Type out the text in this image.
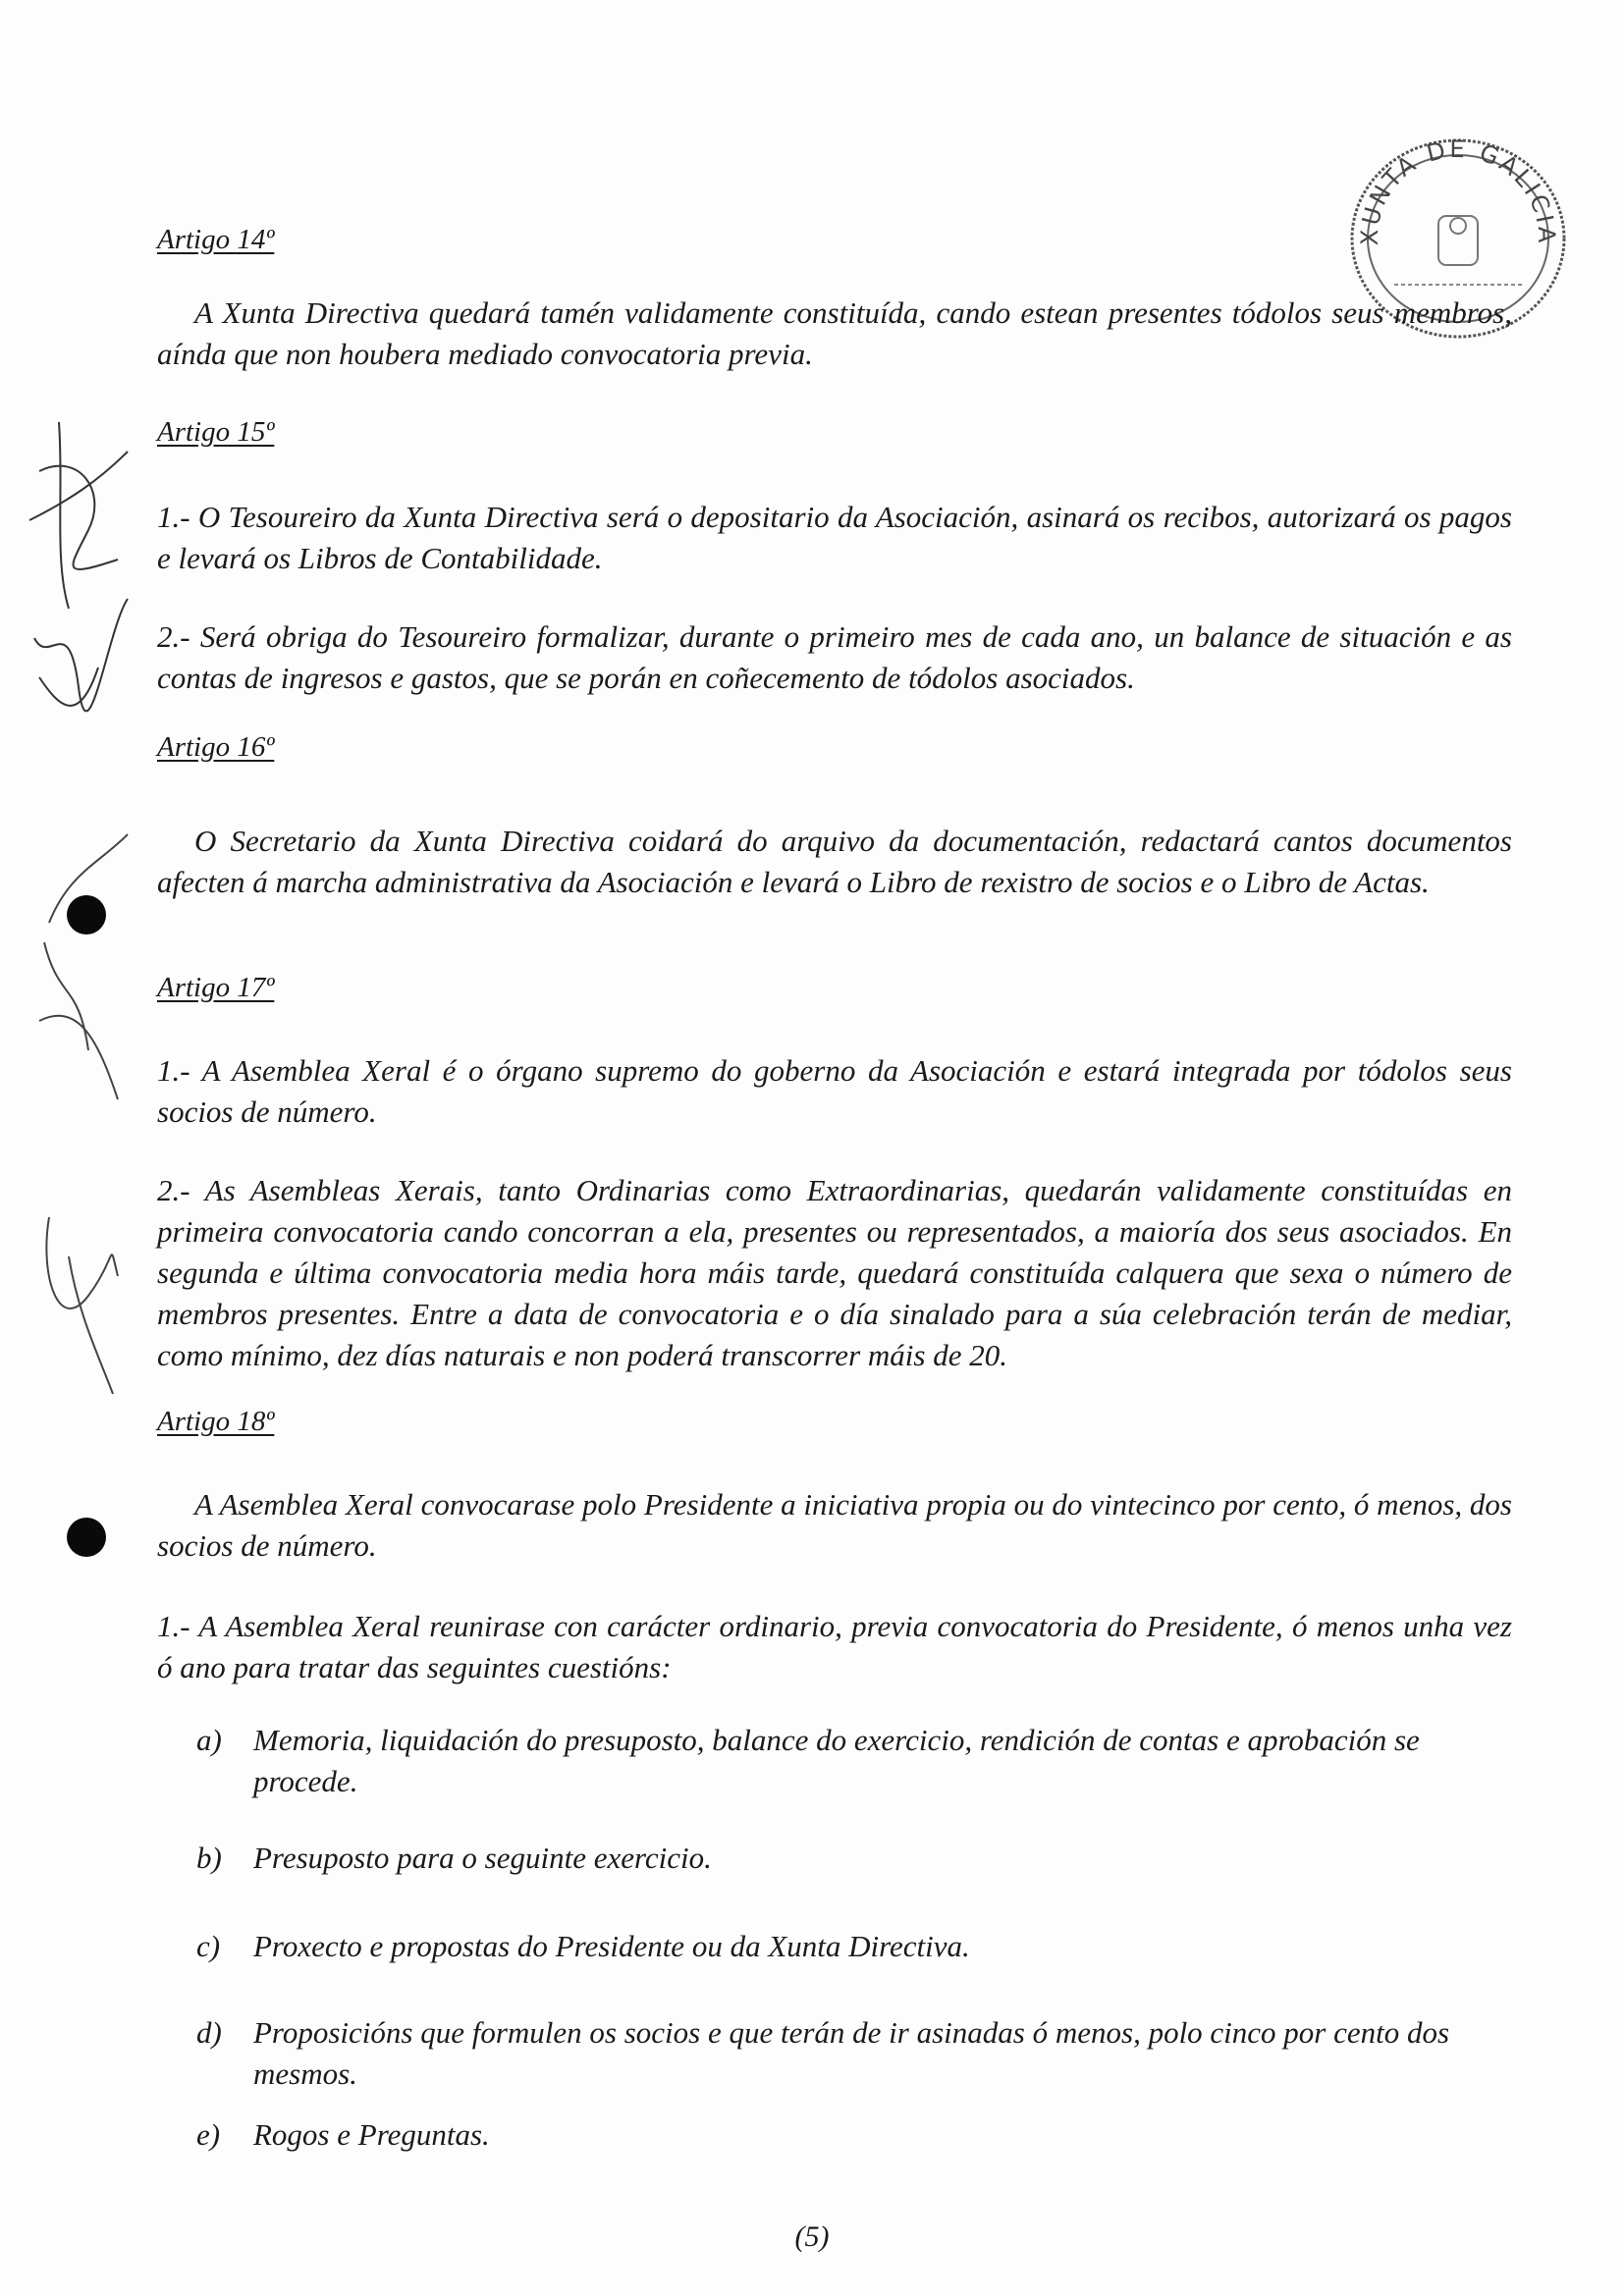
XUNTA DE GALICIA
Artigo 14º
A Xunta Directiva quedará tamén validamente constituída, cando estean presentes tódolos seus membros, aínda que non houbera mediado convocatoria previa.
Artigo 15º
1.- O Tesoureiro da Xunta Directiva será o depositario da Asociación, asinará os recibos, autorizará os pagos e levará os Libros de Contabilidade.
2.- Será obriga do Tesoureiro formalizar, durante o primeiro mes de cada ano, un balance de situación e as contas de ingresos e gastos, que se porán en coñecemento de tódolos asociados.
Artigo 16º
O Secretario da Xunta Directiva coidará do arquivo da documentación, redactará cantos documentos afecten á marcha administrativa da Asociación e levará o Libro de rexistro de socios e o Libro de Actas.
Artigo 17º
1.- A Asemblea Xeral é o órgano supremo do goberno da Asociación e estará integrada por tódolos seus socios de número.
2.- As Asembleas Xerais, tanto Ordinarias como Extraordinarias, quedarán validamente constituídas en primeira convocatoria cando concorran a ela, presentes ou representados, a maioría dos seus asociados. En segunda e última convocatoria media hora máis tarde, quedará constituída calquera que sexa o número de membros presentes. Entre a data de convocatoria e o día sinalado para a súa celebración terán de mediar, como mínimo, dez días naturais e non poderá transcorrer máis de 20.
Artigo 18º
A Asemblea Xeral convocarase polo Presidente a iniciativa propia ou do vintecinco por cento, ó menos, dos socios de número.
1.- A Asemblea Xeral reunirase con carácter ordinario, previa convocatoria do Presidente, ó menos unha vez ó ano para tratar das seguintes cuestións:
a) Memoria, liquidación do presuposto, balance do exercicio, rendición de contas e aprobación se procede.
b) Presuposto para o seguinte exercicio.
c) Proxecto e propostas do Presidente ou da Xunta Directiva.
d) Proposicións que formulen os socios e que terán de ir asinadas ó menos, polo cinco por cento dos mesmos.
e) Rogos e Preguntas.
(5)
